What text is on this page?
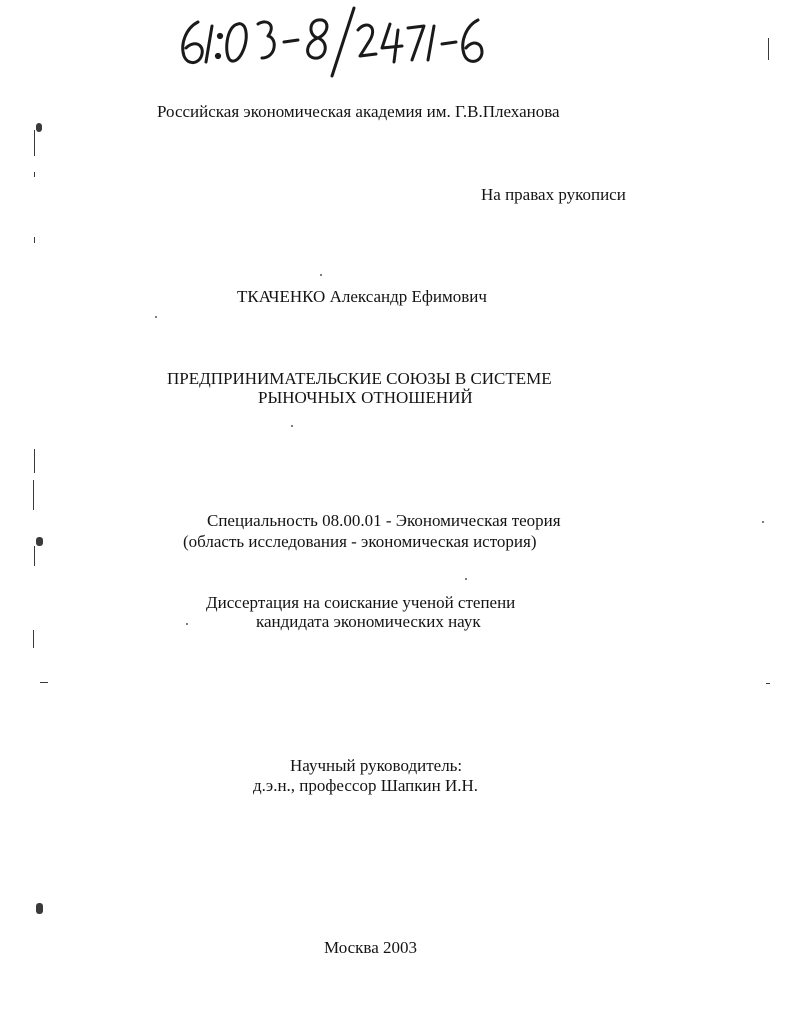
Российская экономическая академия им. Г.В.Плеханова
На правах рукописи
ТКАЧЕНКО Александр Ефимович
ПРЕДПРИНИМАТЕЛЬСКИЕ СОЮЗЫ В СИСТЕМЕ
РЫНОЧНЫХ ОТНОШЕНИЙ
Специальность 08.00.01 - Экономическая теория
(область исследования - экономическая история)
Диссертация на соискание ученой степени
кандидата экономических наук
Научный руководитель:
д.э.н., профессор Шапкин И.Н.
Москва 2003
